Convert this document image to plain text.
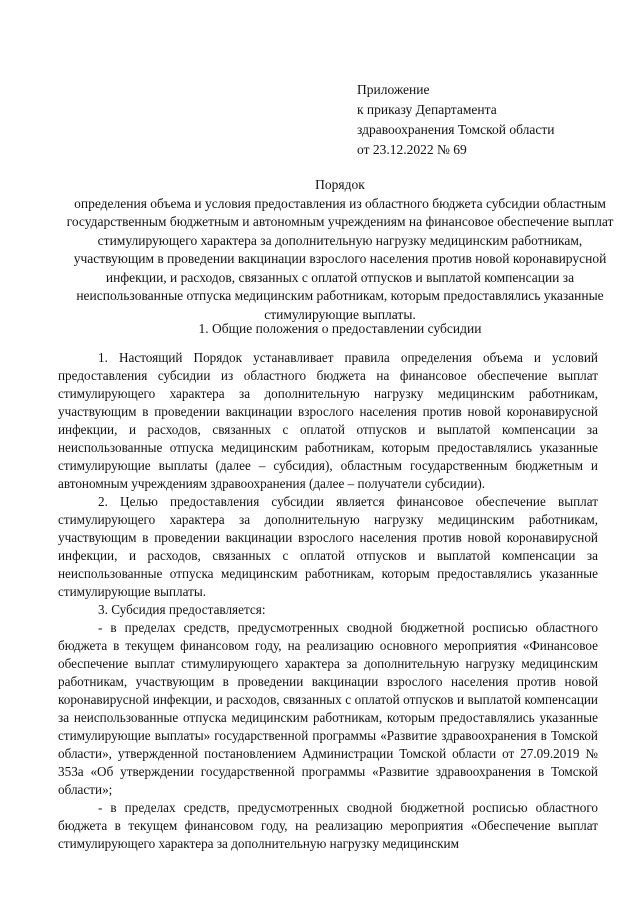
Приложение
к приказу Департамента
здравоохранения Томской области
от 23.12.2022 № 69
Порядок
определения объема и условия предоставления из областного бюджета субсидии областным государственным бюджетным и автономным учреждениям на финансовое обеспечение выплат стимулирующего характера за дополнительную нагрузку медицинским работникам, участвующим в проведении вакцинации взрослого населения против новой коронавирусной инфекции, и расходов, связанных с оплатой отпусков и выплатой компенсации за неиспользованные отпуска медицинским работникам, которым предоставлялись указанные стимулирующие выплаты.
1. Общие положения о предоставлении субсидии

1. Настоящий Порядок устанавливает правила определения объема и условий предоставления субсидии из областного бюджета на финансовое обеспечение выплат стимулирующего характера за дополнительную нагрузку медицинским работникам, участвующим в проведении вакцинации взрослого населения против новой коронавирусной инфекции, и расходов, связанных с оплатой отпусков и выплатой компенсации за неиспользованные отпуска медицинским работникам, которым предоставлялись указанные стимулирующие выплаты (далее – субсидия), областным государственным бюджетным и автономным учреждениям здравоохранения (далее – получатели субсидии).

2. Целью предоставления субсидии является финансовое обеспечение выплат стимулирующего характера за дополнительную нагрузку медицинским работникам, участвующим в проведении вакцинации взрослого населения против новой коронавирусной инфекции, и расходов, связанных с оплатой отпусков и выплатой компенсации за неиспользованные отпуска медицинским работникам, которым предоставлялись указанные стимулирующие выплаты.

3. Субсидия предоставляется:

- в пределах средств, предусмотренных сводной бюджетной росписью областного бюджета в текущем финансовом году, на реализацию основного мероприятия «Финансовое обеспечение выплат стимулирующего характера за дополнительную нагрузку медицинским работникам, участвующим в проведении вакцинации взрослого населения против новой коронавирусной инфекции, и расходов, связанных с оплатой отпусков и выплатой компенсации за неиспользованные отпуска медицинским работникам, которым предоставлялись указанные стимулирующие выплаты» государственной программы «Развитие здравоохранения в Томской области», утвержденной постановлением Администрации Томской области от 27.09.2019 № 353а «Об утверждении государственной программы «Развитие здравоохранения в Томской области»;

- в пределах средств, предусмотренных сводной бюджетной росписью областного бюджета в текущем финансовом году, на реализацию мероприятия «Обеспечение выплат стимулирующего характера за дополнительную нагрузку медицинским
